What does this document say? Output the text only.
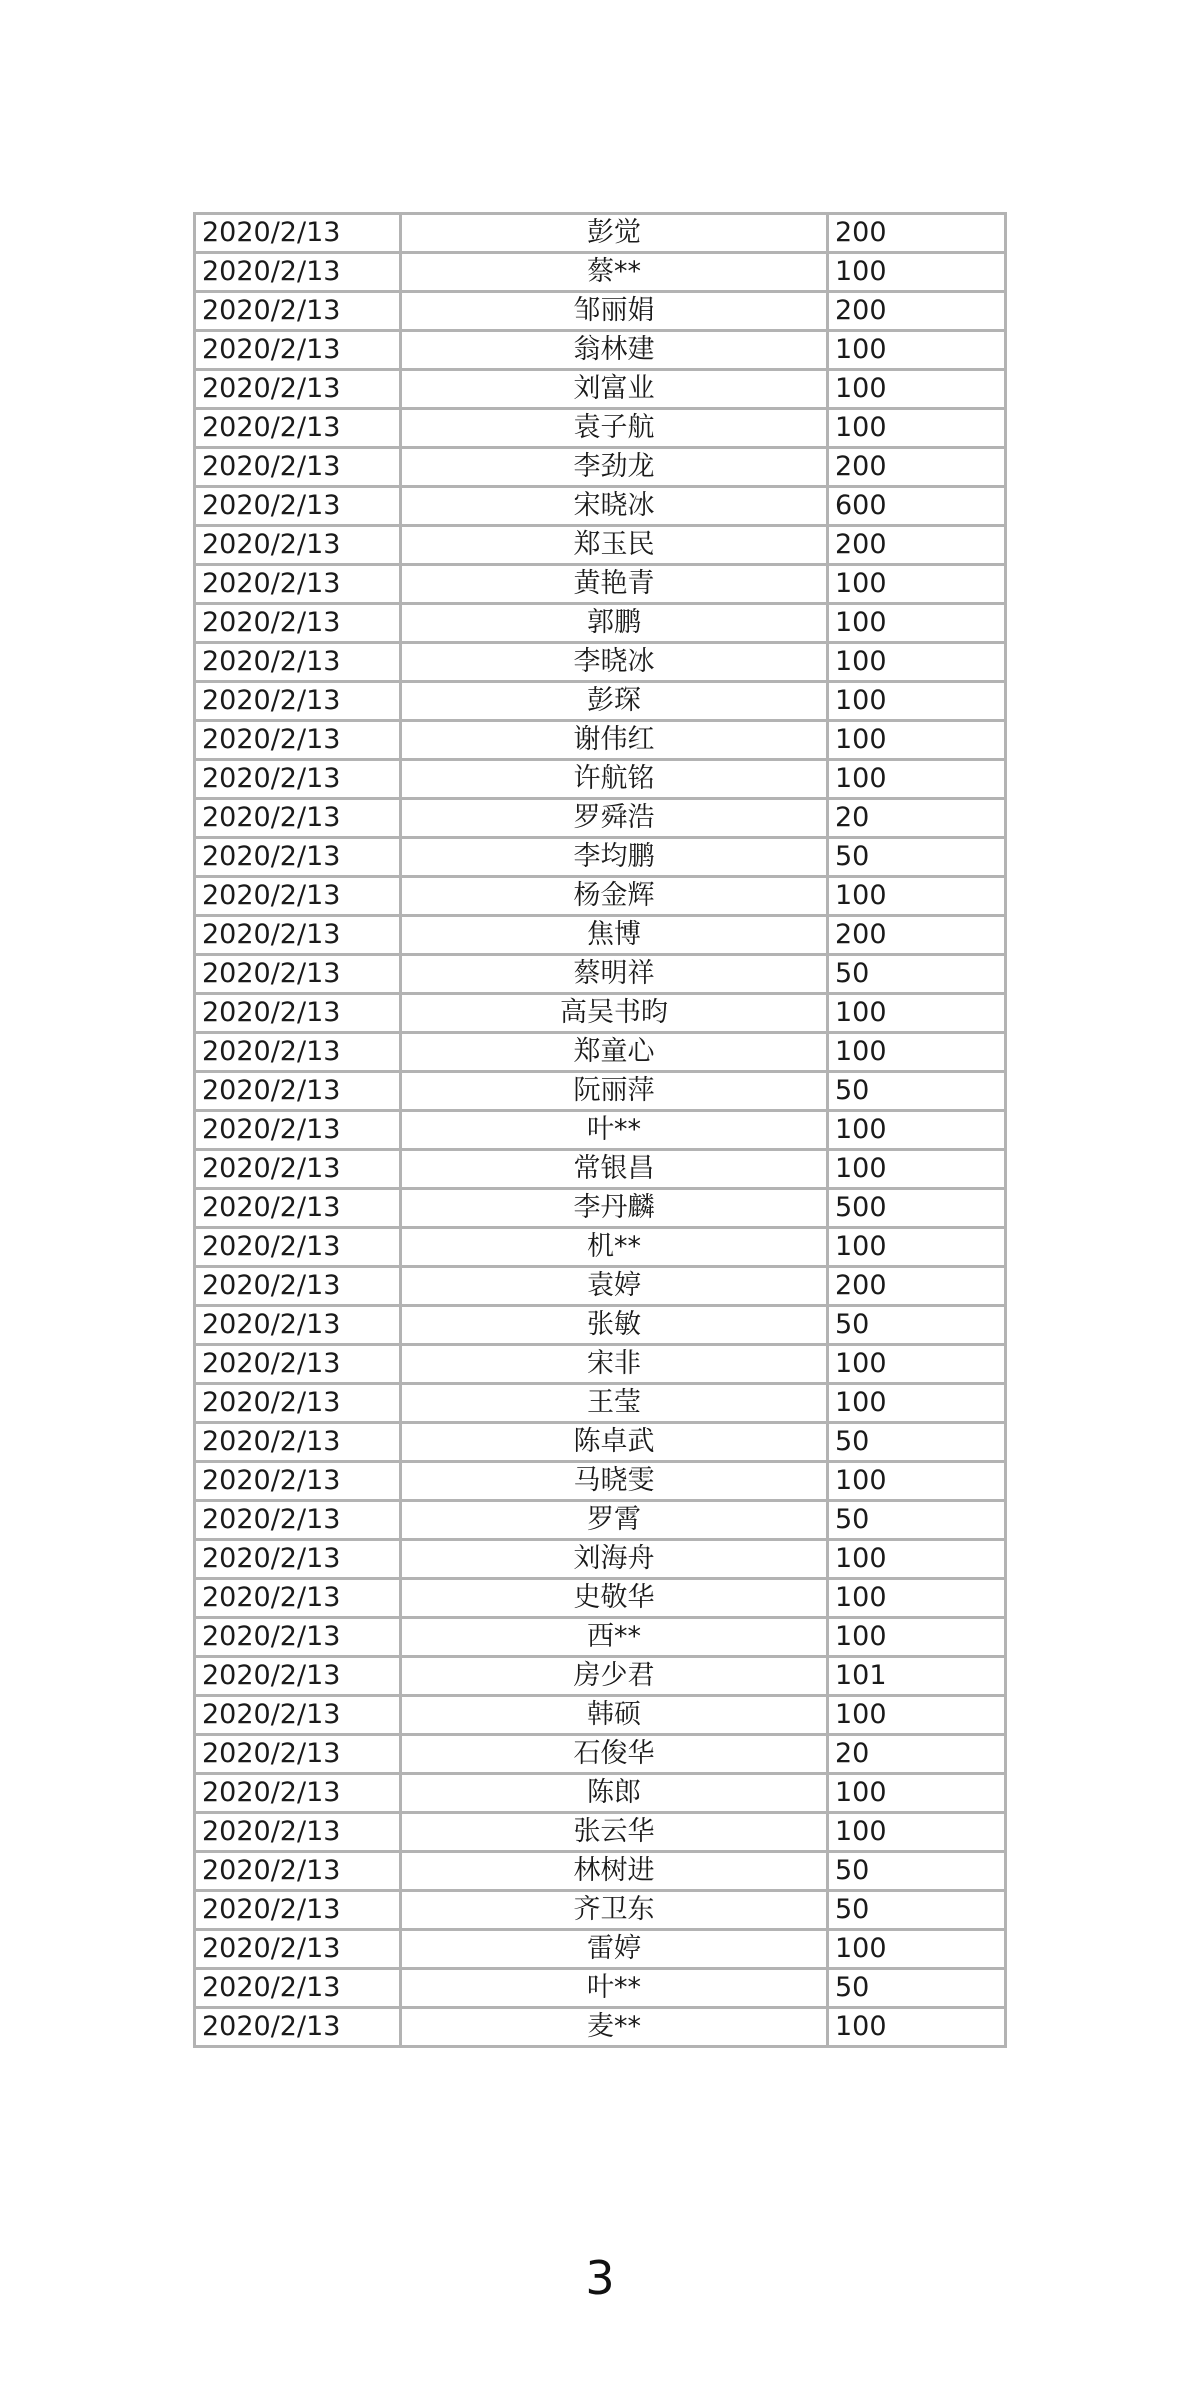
2020/2/13	彭觉	200
2020/2/13	蔡**	100
2020/2/13	邹丽娟	200
2020/2/13	翁林建	100
2020/2/13	刘富业	100
2020/2/13	袁子航	100
2020/2/13	李劲龙	200
2020/2/13	宋晓冰	600
2020/2/13	郑玉民	200
2020/2/13	黄艳青	100
2020/2/13	郭鹏	100
2020/2/13	李晓冰	100
2020/2/13	彭琛	100
2020/2/13	谢伟红	100
2020/2/13	许航铭	100
2020/2/13	罗舜浩	20
2020/2/13	李均鹏	50
2020/2/13	杨金辉	100
2020/2/13	焦博	200
2020/2/13	蔡明祥	50
2020/2/13	高吴书昀	100
2020/2/13	郑童心	100
2020/2/13	阮丽萍	50
2020/2/13	叶**	100
2020/2/13	常银昌	100
2020/2/13	李丹麟	500
2020/2/13	机**	100
2020/2/13	袁婷	200
2020/2/13	张敏	50
2020/2/13	宋非	100
2020/2/13	王莹	100
2020/2/13	陈卓武	50
2020/2/13	马晓雯	100
2020/2/13	罗霄	50
2020/2/13	刘海舟	100
2020/2/13	史敬华	100
2020/2/13	西**	100
2020/2/13	房少君	101
2020/2/13	韩硕	100
2020/2/13	石俊华	20
2020/2/13	陈郎	100
2020/2/13	张云华	100
2020/2/13	林树进	50
2020/2/13	齐卫东	50
2020/2/13	雷婷	100
2020/2/13	叶**	50
2020/2/13	麦**	100
3
